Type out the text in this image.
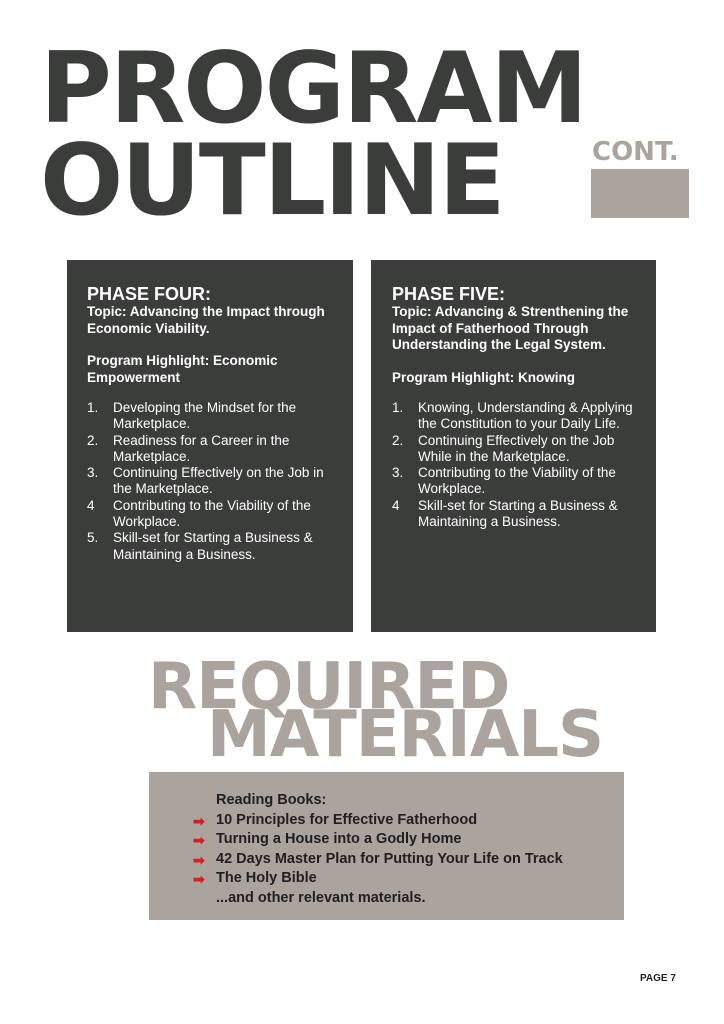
PROGRAM
OUTLINE	CONT.

PHASE FOUR:

Topic: Advancing the Impact through Economic Viability.

Program Highlight: Economic Empowerment

1. Developing the Mindset for the Marketplace.
2. Readiness for a Career in the Marketplace.
3. Continuing Effectively on the Job in the Marketplace.
4 Contributing to the Viability of the Workplace.
5. Skill-set for Starting a Business & Maintaining a Business.

PHASE FIVE:

Topic: Advancing & Strenthening the Impact of Fatherhood Through Understanding the Legal System.

Program Highlight: Knowing

1. Knowing, Understanding & Applying the Constitution to your Daily Life.
2. Continuing Effectively on the Job While in the Marketplace.
3. Contributing to the Viability of the Workplace.
4 Skill-set for Starting a Business & Maintaining a Business.
REQUIRED
MATERIALS
Reading Books:
➡ 10 Principles for Effective Fatherhood
➡ Turning a House into a Godly Home
➡ 42 Days Master Plan for Putting Your Life on Track
➡ The Holy Bible
...and other relevant materials.
PAGE 7
